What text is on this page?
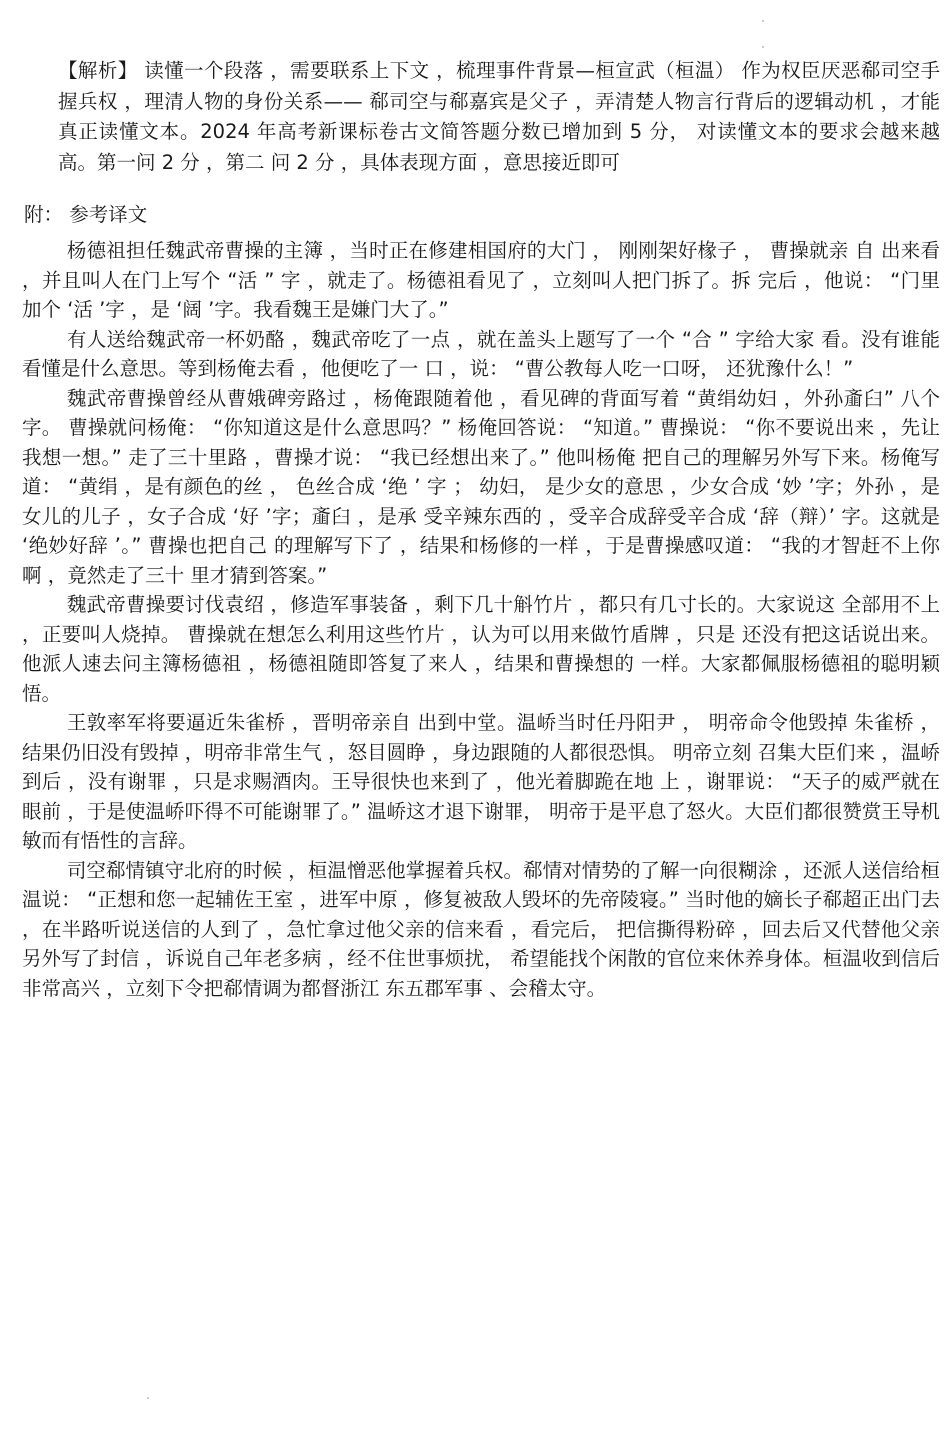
【解析】 读懂一个段落 ，需要联系上下文 ，梳理事件背景—桓宣武（桓温） 作为权臣厌恶郗司空手握兵权 ，理清人物的身份关系—— 郗司空与郗嘉宾是父子 ，弄清楚人物言行背后的逻辑动机 ，才能真正读懂文本。2024 年高考新课标卷古文简答题分数已增加到 5 分， 对读懂文本的要求会越来越高。第一问 2 分 ，第二 问 2 分 ，具体表现方面 ，意思接近即可

附： 参考译文

杨德祖担任魏武帝曹操的主簿 ，当时正在修建相国府的大门 ， 刚刚架好椽子 ， 曹操就亲 自 出来看 ，并且叫人在门上写个 “活 ” 字 ，就走了。杨德祖看见了 ，立刻叫人把门拆了。拆 完后 ，他说： “门里加个 ‘活 ’字 ，是 ‘阔 ’字。我看魏王是嫌门大了。”

有人送给魏武帝一杯奶酪 ，魏武帝吃了一点 ，就在盖头上题写了一个 “合 ” 字给大家 看。没有谁能看懂是什么意思。等到杨俺去看 ，他便吃了一 口 ，说： “曹公教每人吃一口呀， 还犹豫什么！”

魏武帝曹操曾经从曹娥碑旁路过 ，杨俺跟随着他 ，看见碑的背面写着 “黄绢幼妇 ，外孙齑臼” 八个字。 曹操就问杨俺： “你知道这是什么意思吗？” 杨俺回答说： “知道。” 曹操说： “你不要说出来 ，先让我想一想。” 走了三十里路 ，曹操才说： “我已经想出来了。” 他叫杨俺 把自己的理解另外写下来。杨俺写道： “黄绢 ，是有颜色的丝 ， 色丝合成 ‘绝 ’ 字 ； 幼妇， 是少女的意思 ，少女合成 ‘妙 ’字；外孙 ，是女儿的儿子 ，女子合成 ‘好 ’字；齑臼 ，是承 受辛辣东西的 ，受辛合成辞受辛合成 ‘辞（辩）’ 字。这就是 ‘绝妙好辞 ’。” 曹操也把自己 的理解写下了 ，结果和杨修的一样 ，于是曹操感叹道： “我的才智赶不上你啊 ，竟然走了三十 里才猜到答案。”

魏武帝曹操要讨伐袁绍 ，修造军事装备 ，剩下几十斛竹片 ，都只有几寸长的。大家说这 全部用不上 ，正要叫人烧掉。 曹操就在想怎么利用这些竹片 ，认为可以用来做竹盾牌 ，只是 还没有把这话说出来。他派人速去问主簿杨德祖 ，杨德祖随即答复了来人 ，结果和曹操想的 一样。大家都佩服杨德祖的聪明颖悟。

王敦率军将要逼近朱雀桥 ，晋明帝亲自 出到中堂。温峤当时任丹阳尹 ， 明帝命令他毁掉 朱雀桥 ，结果仍旧没有毁掉 ，明帝非常生气 ，怒目圆睁 ，身边跟随的人都很恐惧。 明帝立刻 召集大臣们来 ，温峤到后 ，没有谢罪 ，只是求赐酒肉。王导很快也来到了 ，他光着脚跪在地 上 ，谢罪说： “天子的威严就在眼前 ，于是使温峤吓得不可能谢罪了。” 温峤这才退下谢罪， 明帝于是平息了怒火。大臣们都很赞赏王导机敏而有悟性的言辞。

司空郗情镇守北府的时候 ，桓温憎恶他掌握着兵权。郗情对情势的了解一向很糊涂 ，还派人送信给桓温说： “正想和您一起辅佐王室 ，进军中原 ，修复被敌人毁坏的先帝陵寝。” 当时他的嫡长子郗超正出门去 ，在半路听说送信的人到了 ，急忙拿过他父亲的信来看 ，看完后， 把信撕得粉碎 ，回去后又代替他父亲另外写了封信 ，诉说自己年老多病 ，经不住世事烦扰， 希望能找个闲散的官位来休养身体。桓温收到信后非常高兴 ，立刻下令把郗情调为都督浙江 东五郡军事 、会稽太守。
